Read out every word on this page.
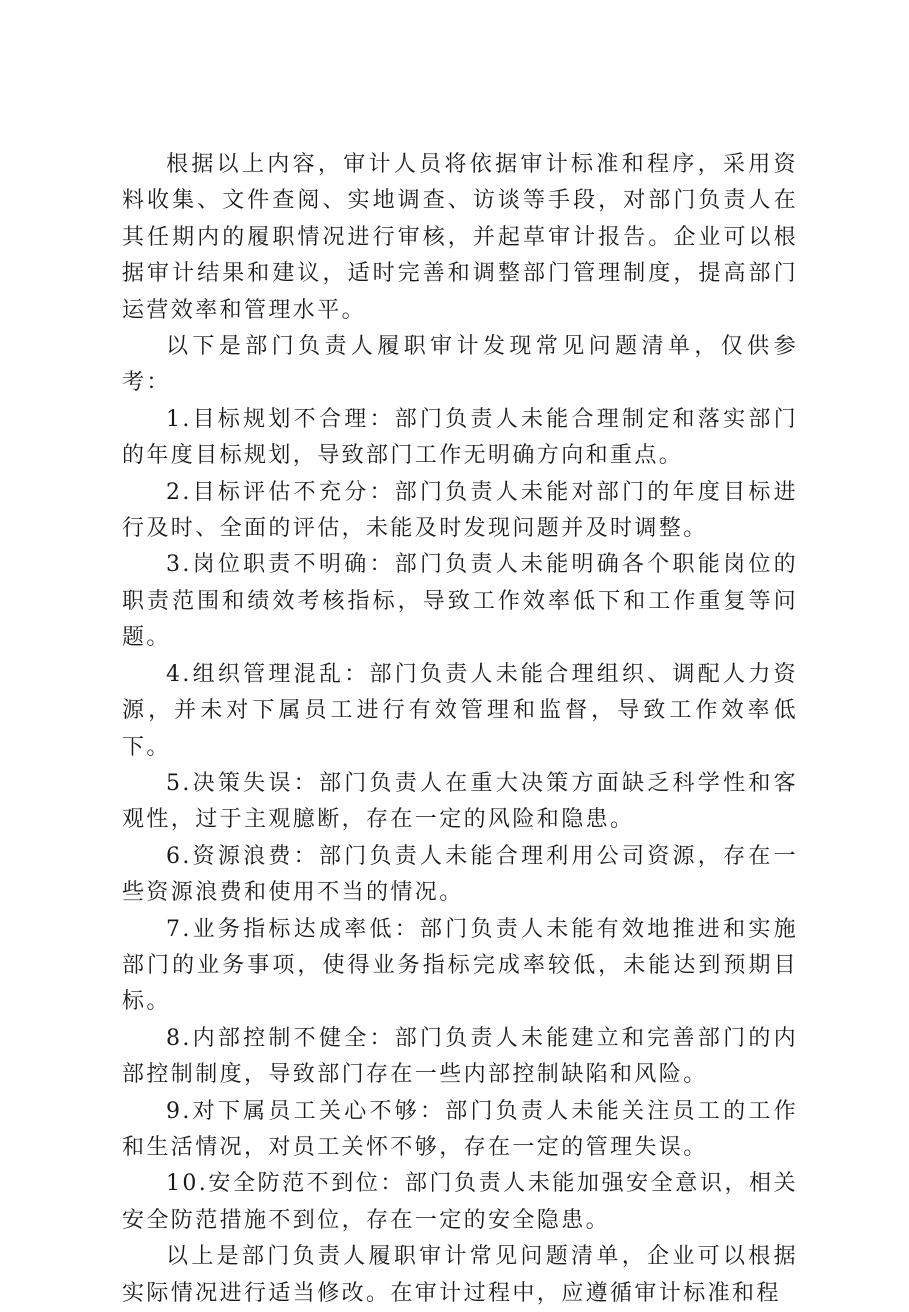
根据以上内容，审计人员将依据审计标准和程序，采用资料收集、文件查阅、实地调查、访谈等手段，对部门负责人在其任期内的履职情况进行审核，并起草审计报告。企业可以根据审计结果和建议，适时完善和调整部门管理制度，提高部门运营效率和管理水平。

以下是部门负责人履职审计发现常见问题清单，仅供参考：

1.目标规划不合理：部门负责人未能合理制定和落实部门的年度目标规划，导致部门工作无明确方向和重点。

2.目标评估不充分：部门负责人未能对部门的年度目标进行及时、全面的评估，未能及时发现问题并及时调整。

3.岗位职责不明确：部门负责人未能明确各个职能岗位的职责范围和绩效考核指标，导致工作效率低下和工作重复等问题。

4.组织管理混乱：部门负责人未能合理组织、调配人力资源，并未对下属员工进行有效管理和监督，导致工作效率低下。

5.决策失误：部门负责人在重大决策方面缺乏科学性和客观性，过于主观臆断，存在一定的风险和隐患。

6.资源浪费：部门负责人未能合理利用公司资源，存在一些资源浪费和使用不当的情况。

7.业务指标达成率低：部门负责人未能有效地推进和实施部门的业务事项，使得业务指标完成率较低，未能达到预期目标。

8.内部控制不健全：部门负责人未能建立和完善部门的内部控制制度，导致部门存在一些内部控制缺陷和风险。

9.对下属员工关心不够：部门负责人未能关注员工的工作和生活情况，对员工关怀不够，存在一定的管理失误。

10.安全防范不到位：部门负责人未能加强安全意识，相关安全防范措施不到位，存在一定的安全隐患。

以上是部门负责人履职审计常见问题清单，企业可以根据实际情况进行适当修改。在审计过程中，应遵循审计标准和程
